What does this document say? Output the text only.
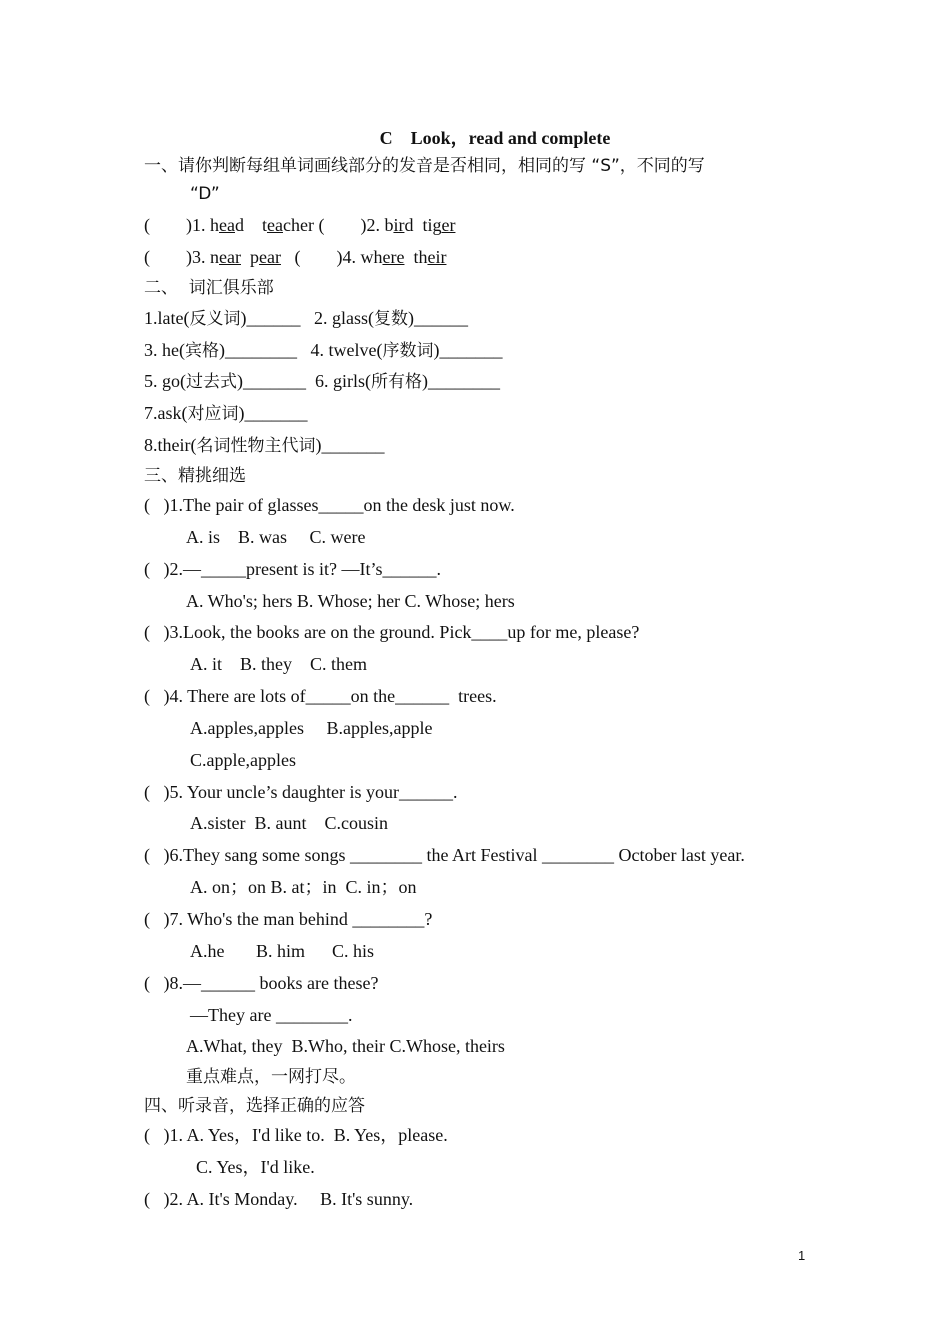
C　Look，read and complete
一、请你判断每组单词画线部分的发音是否相同，相同的写 “S”，不同的写
“D”
(        )1. head    teacher (        )2. bird  tiger
(        )3. near  pear   (        )4. where  their
二、  词汇俱乐部
1.late(反义词)______   2. glass(复数)______
3. he(宾格)________   4. twelve(序数词)_______
5. go(过去式)_______  6. girls(所有格)________
7.ask(对应词)_______
8.their(名词性物主代词)_______
三、精挑细选
(   )1.The pair of glasses_____on the desk just now.
A. is    B. was     C. were
(   )2.—_____present is it? —It’s______.
A. Who's; hers B. Whose; her C. Whose; hers
(   )3.Look, the books are on the ground. Pick____up for me, please?
A. it    B. they    C. them
(   )4. There are lots of_____on the______  trees.
A.apples,apples     B.apples,apple
C.apple,apples
(   )5. Your uncle’s daughter is your______.
A.sister  B. aunt    C.cousin
(   )6.They sang some songs ________ the Art Festival ________ October last year.
A. on；on B. at；in  C. in；on
(   )7. Who's the man behind ________?
A.he       B. him      C. his
(   )8.—______ books are these?
—They are ________.
A.What, they  B.Who, their C.Whose, theirs
重点难点，一网打尽。
四、听录音，选择正确的应答
(   )1. A. Yes，I'd like to.  B. Yes，please.
C. Yes，I'd like.
(   )2. A. It's Monday.     B. It's sunny.
1
